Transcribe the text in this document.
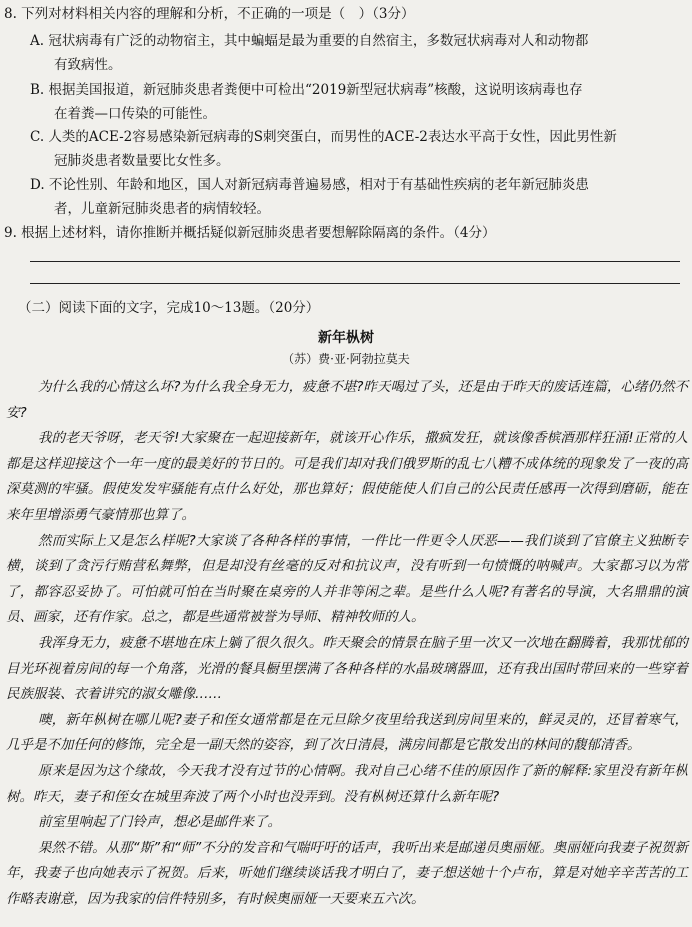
8. 下列对材料相关内容的理解和分析，不正确的一项是（　）（3分）
A. 冠状病毒有广泛的动物宿主，其中蝙蝠是最为重要的自然宿主，多数冠状病毒对人和动物都
有致病性。
B. 根据美国报道，新冠肺炎患者粪便中可检出“2019新型冠状病毒”核酸，这说明该病毒也存
在着粪—口传染的可能性。
C. 人类的ACE-2容易感染新冠病毒的S刺突蛋白，而男性的ACE-2表达水平高于女性，因此男性新
冠肺炎患者数量要比女性多。
D. 不论性别、年龄和地区，国人对新冠病毒普遍易感，相对于有基础性疾病的老年新冠肺炎患
者，儿童新冠肺炎患者的病情较轻。
9. 根据上述材料，请你推断并概括疑似新冠肺炎患者要想解除隔离的条件。（4分）
（二）阅读下面的文字，完成10～13题。（20分）
新年枞树
（苏）费·亚·阿勃拉莫夫

为什么我的心情这么坏?为什么我全身无力，疲惫不堪?昨天喝过了头，还是由于昨天的废话连篇，心绪仍然不安?

我的老天爷呀，老天爷!大家聚在一起迎接新年，就该开心作乐，撒疯发狂，就该像香槟酒那样狂涌!正常的人都是这样迎接这个一年一度的最美好的节日的。可是我们却对我们俄罗斯的乱七八糟不成体统的现象发了一夜的高深莫测的牢骚。假使发发牢骚能有点什么好处，那也算好；假使能使人们自己的公民责任感再一次得到磨砺，能在来年里增添勇气豪情那也算了。

然而实际上又是怎么样呢?大家谈了各种各样的事情，一件比一件更令人厌恶——我们谈到了官僚主义独断专横，谈到了贪污行贿营私舞弊，但是却没有丝毫的反对和抗议声，没有听到一句愤慨的呐喊声。大家都习以为常了，都容忍妥协了。可怕就可怕在当时聚在桌旁的人并非等闲之辈。是些什么人呢?有著名的导演，大名鼎鼎的演员、画家，还有作家。总之，都是些通常被誉为导师、精神牧师的人。

我浑身无力，疲惫不堪地在床上躺了很久很久。昨天聚会的情景在脑子里一次又一次地在翻腾着，我那忧郁的目光环视着房间的每一个角落，光滑的餐具橱里摆满了各种各样的水晶玻璃器皿，还有我出国时带回来的一些穿着民族服装、衣着讲究的淑女雕像……

噢，新年枞树在哪儿呢?妻子和侄女通常都是在元旦除夕夜里给我送到房间里来的，鲜灵灵的，还冒着寒气，几乎是不加任何的修饰，完全是一副天然的姿容，到了次日清晨，满房间都是它散发出的林间的馥郁清香。

原来是因为这个缘故，今天我才没有过节的心情啊。我对自己心绪不佳的原因作了新的解释:家里没有新年枞树。昨天，妻子和侄女在城里奔波了两个小时也没弄到。没有枞树还算什么新年呢?

前室里响起了门铃声，想必是邮件来了。

果然不错。从那“斯”和“师”不分的发音和气喘吁吁的话声，我听出来是邮递员奥丽娅。奥丽娅向我妻子祝贺新年，我妻子也向她表示了祝贺。后来，听她们继续谈话我才明白了，妻子想送她十个卢布，算是对她辛辛苦苦的工作略表谢意，因为我家的信件特别多，有时候奥丽娅一天要来五六次。
